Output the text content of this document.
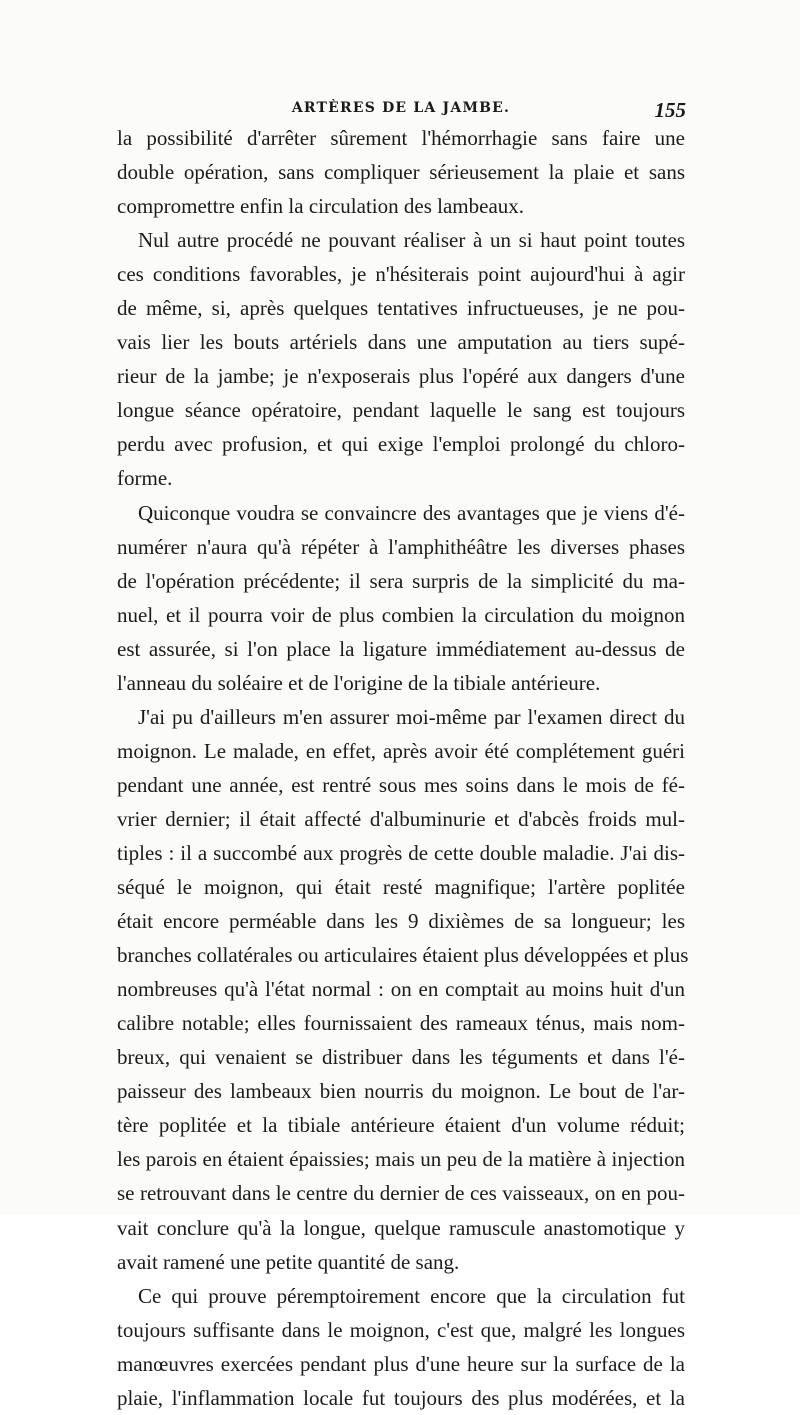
ARTÈRES DE LA JAMBE.	155
la possibilité d'arrêter sûrement l'hémorrhagie sans faire une
double opération, sans compliquer sérieusement la plaie et sans
compromettre enfin la circulation des lambeaux.
Nul autre procédé ne pouvant réaliser à un si haut point toutes
ces conditions favorables, je n'hésiterais point aujourd'hui à agir
de même, si, après quelques tentatives infructueuses, je ne pou-
vais lier les bouts artériels dans une amputation au tiers supé-
rieur de la jambe; je n'exposerais plus l'opéré aux dangers d'une
longue séance opératoire, pendant laquelle le sang est toujours
perdu avec profusion, et qui exige l'emploi prolongé du chloro-
forme.
Quiconque voudra se convaincre des avantages que je viens d'é-
numérer n'aura qu'à répéter à l'amphithéâtre les diverses phases
de l'opération précédente; il sera surpris de la simplicité du ma-
nuel, et il pourra voir de plus combien la circulation du moignon
est assurée, si l'on place la ligature immédiatement au-dessus de
l'anneau du soléaire et de l'origine de la tibiale antérieure.
J'ai pu d'ailleurs m'en assurer moi-même par l'examen direct du
moignon. Le malade, en effet, après avoir été complétement guéri
pendant une année, est rentré sous mes soins dans le mois de fé-
vrier dernier; il était affecté d'albuminurie et d'abcès froids mul-
tiples : il a succombé aux progrès de cette double maladie. J'ai dis-
séqué le moignon, qui était resté magnifique; l'artère poplitée
était encore perméable dans les 9 dixièmes de sa longueur; les
branches collatérales ou articulaires étaient plus développées et plus
nombreuses qu'à l'état normal : on en comptait au moins huit d'un
calibre notable; elles fournissaient des rameaux ténus, mais nom-
breux, qui venaient se distribuer dans les téguments et dans l'é-
paisseur des lambeaux bien nourris du moignon. Le bout de l'ar-
tère poplitée et la tibiale antérieure étaient d'un volume réduit;
les parois en étaient épaissies; mais un peu de la matière à injection
se retrouvant dans le centre du dernier de ces vaisseaux, on en pou-
vait conclure qu'à la longue, quelque ramuscule anastomotique y
avait ramené une petite quantité de sang.
Ce qui prouve péremptoirement encore que la circulation fut
toujours suffisante dans le moignon, c'est que, malgré les longues
manœuvres exercées pendant plus d'une heure sur la surface de la
plaie, l'inflammation locale fut toujours des plus modérées, et la
